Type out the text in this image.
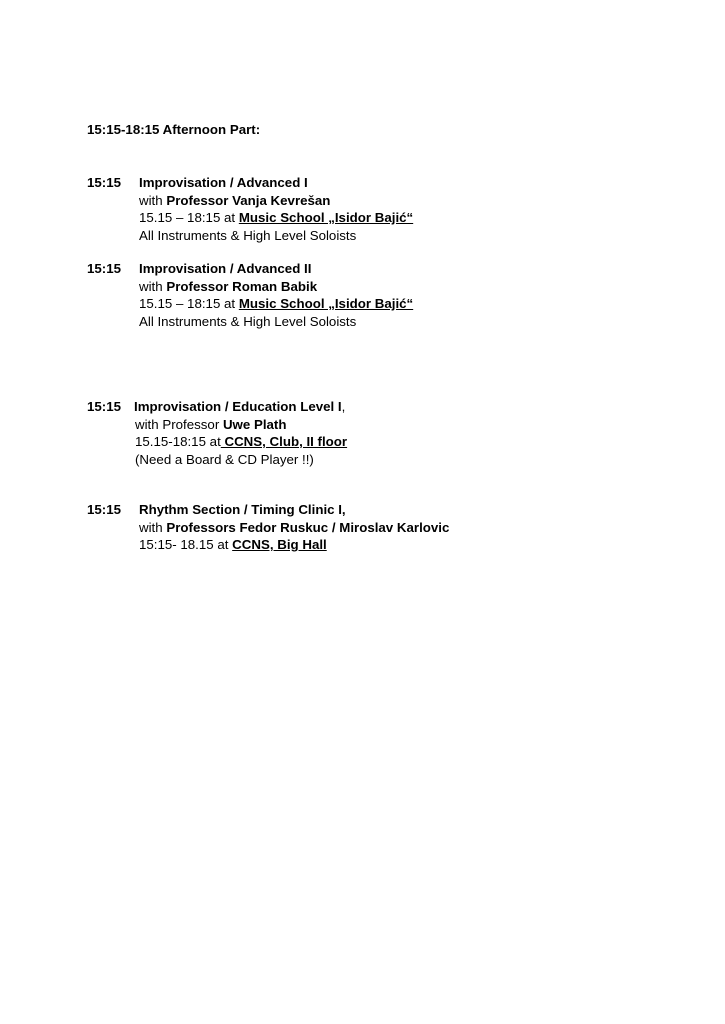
15:15-18:15 Afternoon Part:
15:15 Improvisation / Advanced I
with Professor Vanja Kevrešan
15.15 – 18:15 at Music School „Isidor Bajić“
All Instruments & High Level Soloists
15:15 Improvisation / Advanced II
with Professor Roman Babik
15.15 – 18:15 at Music School „Isidor Bajić“
All Instruments & High Level Soloists
15:15 Improvisation / Education Level I,
with Professor Uwe Plath
15.15-18:15 at CCNS, Club, II floor
(Need a Board & CD Player !!)
15:15 Rhythm Section / Timing Clinic I,
with Professors Fedor Ruskuc / Miroslav Karlovic
15:15- 18.15 at CCNS, Big Hall
